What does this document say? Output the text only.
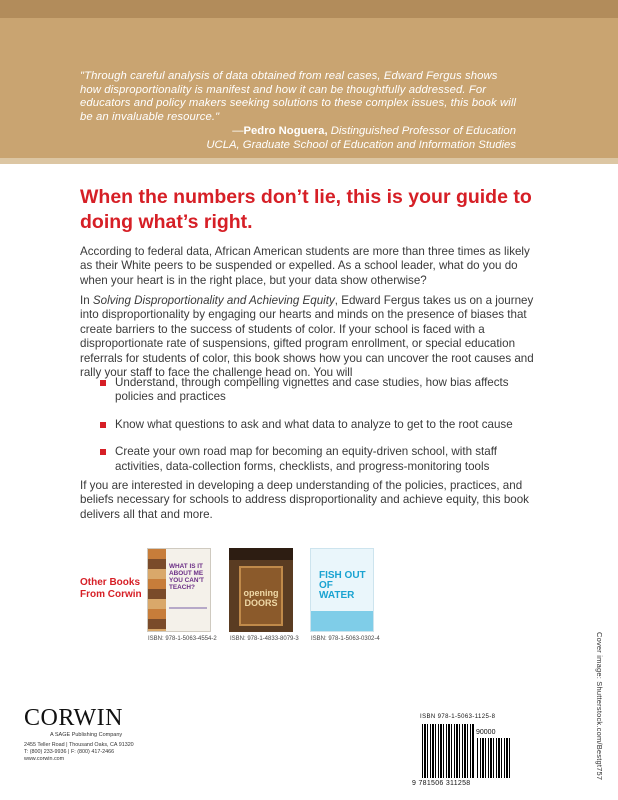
"Through careful analysis of data obtained from real cases, Edward Fergus shows how disproportionality is manifest and how it can be thoughtfully addressed. For educators and policy makers seeking solutions to these complex issues, this book will be an invaluable resource."

—Pedro Noguera, Distinguished Professor of Education
UCLA, Graduate School of Education and Information Studies

When the numbers don’t lie, this is your guide to doing what’s right.

According to federal data, African American students are more than three times as likely as their White peers to be suspended or expelled. As a school leader, what do you do when your heart is in the right place, but your data show otherwise?

In Solving Disproportionality and Achieving Equity, Edward Fergus takes us on a journey into disproportionality by engaging our hearts and minds on the presence of biases that create barriers to the success of students of color. If your school is faced with a disproportionate rate of suspensions, gifted program enrollment, or special education referrals for students of color, this book shows how you can uncover the root causes and rally your staff to face the challenge head on. You will

Understand, through compelling vignettes and case studies, how bias affects policies and practices
Know what questions to ask and what data to analyze to get to the root cause
Create your own road map for becoming an equity-driven school, with staff activities, data-collection forms, checklists, and progress-monitoring tools

If you are interested in developing a deep understanding of the policies, practices, and beliefs necessary for schools to address disproportionality and achieve equity, this book delivers all that and more.

Other Books
From Corwin
WHAT IS IT ABOUT ME YOU CAN'T TEACH?
opening DOORS
FISH OUT OF WATER
ISBN: 978-1-5063-4554-2 ISBN: 978-1-4833-8079-3 ISBN: 978-1-5063-0302-4
CORWIN
A SAGE Publishing Company
2455 Teller Road | Thousand Oaks, CA 91320
T: (800) 233-9936 | F: (800) 417-2466
www.corwin.com	Cover image: Shutterstock.com/Bestgt757
ISBN 978-1-5063-1125-8
90000
9 781506 311258
